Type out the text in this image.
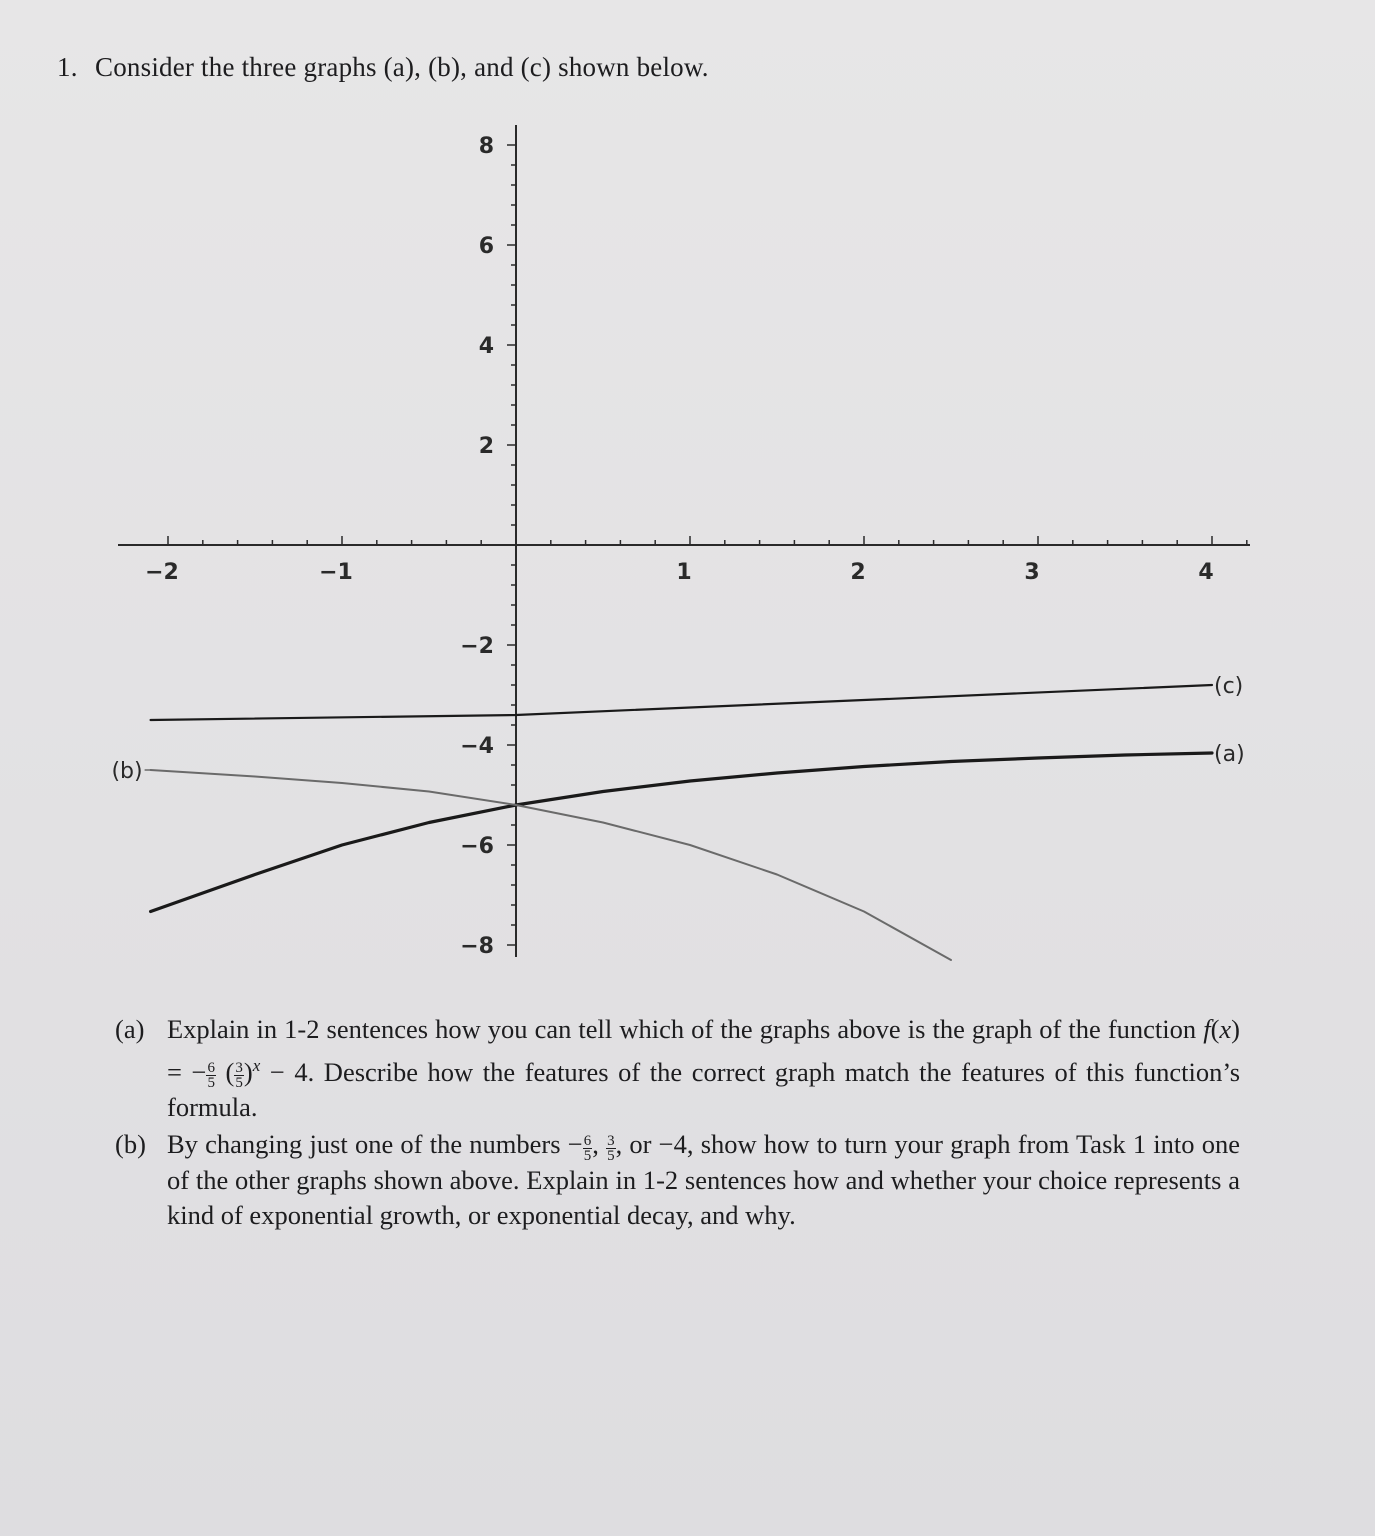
1. Consider the three graphs (a), (b), and (c) shown below.
−2	−1	1	2	3	4
8
6
4
2
−2
−4
−6
−8
(a)
(b)
(c)
(a) Explain in 1-2 sentences how you can tell which of the graphs above is the graph of the function f(x) = − $\frac{6}{5}$ ( $\frac{3}{5} )^x - 4$. Describe how the features of the correct graph match the features of this function’s formula.
(b) By changing just one of the numbers − $\frac{6}{5}$ , $\frac{3}{5}$ , or −4, show how to turn your graph from Task 1 into one of the other graphs shown above. Explain in 1-2 sentences how and whether your choice represents a kind of exponential growth, or exponential decay, and why.
